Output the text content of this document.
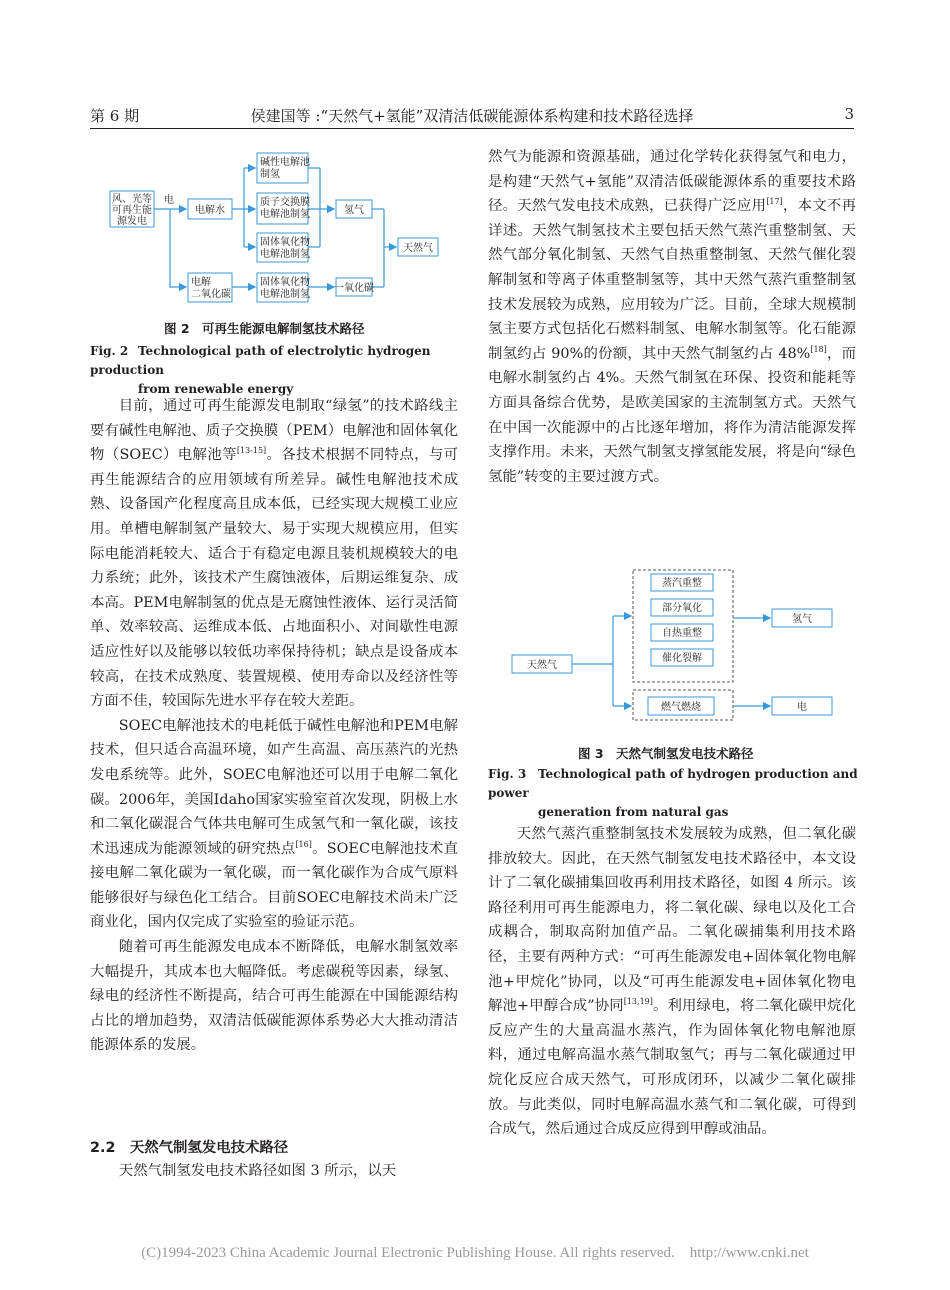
第 6 期	侯建国等 :“天然气+氢能”双清洁低碳能源体系构建和技术路径选择	3
风、光等
可再生能
源发电
电
电解水
碱性电解池
制氢
质子交换膜
电解池制氢
固体氧化物
电解池制氢
氢气
天然气
电解
二氧化碳
固体氧化物
电解池制氢
一氧化碳
图 2　可再生能源电解制氢技术路径
Fig. 2 Technological path of electrolytic hydrogen production
from renewable energy

目前，通过可再生能源发电制取“绿氢”的技术路线主要有碱性电解池、质子交换膜（PEM）电解池和固体氧化物（SOEC）电解池等[13-15]。各技术根据不同特点，与可再生能源结合的应用领域有所差异。碱性电解池技术成熟、设备国产化程度高且成本低，已经实现大规模工业应用。单槽电解制氢产量较大、易于实现大规模应用，但实际电能消耗较大、适合于有稳定电源且装机规模较大的电力系统；此外，该技术产生腐蚀液体，后期运维复杂、成本高。PEM电解制氢的优点是无腐蚀性液体、运行灵活简单、效率较高、运维成本低、占地面积小、对间歇性电源适应性好以及能够以较低功率保持待机；缺点是设备成本较高，在技术成熟度、装置规模、使用寿命以及经济性等方面不佳，较国际先进水平存在较大差距。

SOEC电解池技术的电耗低于碱性电解池和PEM电解技术，但只适合高温环境，如产生高温、高压蒸汽的光热发电系统等。此外，SOEC电解池还可以用于电解二氧化碳。2006年，美国Idaho国家实验室首次发现，阴极上水和二氧化碳混合气体共电解可生成氢气和一氧化碳，该技术迅速成为能源领域的研究热点[16]。SOEC电解池技术直接电解二氧化碳为一氧化碳，而一氧化碳作为合成气原料能够很好与绿色化工结合。目前SOEC电解技术尚未广泛商业化，国内仅完成了实验室的验证示范。

随着可再生能源发电成本不断降低，电解水制氢效率大幅提升，其成本也大幅降低。考虑碳税等因素，绿氢、绿电的经济性不断提高，结合可再生能源在中国能源结构占比的增加趋势，双清洁低碳能源体系势必大大推动清洁能源体系的发展。

2.2　天然气制氢发电技术路径

天然气制氢发电技术路径如图 3 所示，以天

然气为能源和资源基础，通过化学转化获得氢气和电力，是构建“天然气+氢能”双清洁低碳能源体系的重要技术路径。天然气发电技术成熟，已获得广泛应用[17]，本文不再详述。天然气制氢技术主要包括天然气蒸汽重整制氢、天然气部分氧化制氢、天然气自热重整制氢、天然气催化裂解制氢和等离子体重整制氢等，其中天然气蒸汽重整制氢技术发展较为成熟，应用较为广泛。目前，全球大规模制氢主要方式包括化石燃料制氢、电解水制氢等。化石能源制氢约占 90%的份额，其中天然气制氢约占 48%[18]，而电解水制氢约占 4%。天然气制氢在环保、投资和能耗等方面具备综合优势，是欧美国家的主流制氢方式。天然气在中国一次能源中的占比逐年增加，将作为清洁能源发挥支撑作用。未来，天然气制氢支撑氢能发展，将是向“绿色氢能”转变的主要过渡方式。

天然气
蒸汽重整
部分氧化
自热重整
催化裂解
燃气燃烧
氢气
电
图 3　天然气制氢发电技术路径
Fig. 3 Technological path of hydrogen production and power
generation from natural gas

天然气蒸汽重整制氢技术发展较为成熟，但二氧化碳排放较大。因此，在天然气制氢发电技术路径中，本文设计了二氧化碳捕集回收再利用技术路径，如图 4 所示。该路径利用可再生能源电力，将二氧化碳、绿电以及化工合成耦合，制取高附加值产品。二氧化碳捕集利用技术路径，主要有两种方式：“可再生能源发电+固体氧化物电解池+甲烷化”协同，以及“可再生能源发电+固体氧化物电解池+甲醇合成”协同[13,19]。利用绿电，将二氧化碳甲烷化反应产生的大量高温水蒸汽，作为固体氧化物电解池原料，通过电解高温水蒸气制取氢气；再与二氧化碳通过甲烷化反应合成天然气，可形成闭环，以减少二氧化碳排放。与此类似，同时电解高温水蒸气和二氧化碳，可得到合成气，然后通过合成反应得到甲醇或油品。

(C)1994-2023 China Academic Journal Electronic Publishing House. All rights reserved.　http://www.cnki.net
